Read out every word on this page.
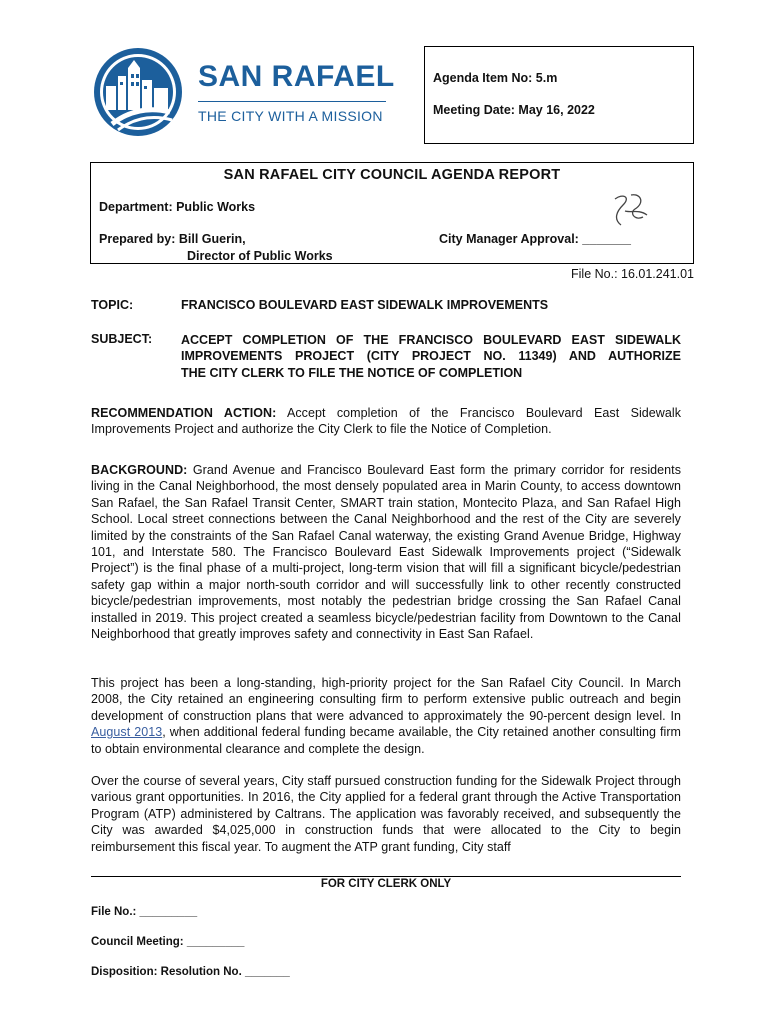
SAN RAFAEL
THE CITY WITH A MISSION
Agenda Item No: 5.m
Meeting Date: May 16, 2022
SAN RAFAEL CITY COUNCIL AGENDA REPORT
Department: Public Works
Prepared by: Bill Guerin,
Director of Public Works
City Manager Approval: _______
File No.: 16.01.241.01
TOPIC:	FRANCISCO BOULEVARD EAST SIDEWALK IMPROVEMENTS
SUBJECT: ACCEPT COMPLETION OF THE FRANCISCO BOULEVARD EAST SIDEWALK
IMPROVEMENTS PROJECT (CITY PROJECT NO. 11349) AND AUTHORIZE
THE CITY CLERK TO FILE THE NOTICE OF COMPLETION
RECOMMENDATION ACTION: Accept completion of the Francisco Boulevard East Sidewalk Improvements Project and authorize the City Clerk to file the Notice of Completion.
BACKGROUND: Grand Avenue and Francisco Boulevard East form the primary corridor for residents living in the Canal Neighborhood, the most densely populated area in Marin County, to access downtown San Rafael, the San Rafael Transit Center, SMART train station, Montecito Plaza, and San Rafael High School. Local street connections between the Canal Neighborhood and the rest of the City are severely limited by the constraints of the San Rafael Canal waterway, the existing Grand Avenue Bridge, Highway 101, and Interstate 580. The Francisco Boulevard East Sidewalk Improvements project (“Sidewalk Project”) is the final phase of a multi-project, long-term vision that will fill a significant bicycle/pedestrian safety gap within a major north-south corridor and will successfully link to other recently constructed bicycle/pedestrian improvements, most notably the pedestrian bridge crossing the San Rafael Canal installed in 2019. This project created a seamless bicycle/pedestrian facility from Downtown to the Canal Neighborhood that greatly improves safety and connectivity in East San Rafael.
This project has been a long-standing, high-priority project for the San Rafael City Council. In March 2008, the City retained an engineering consulting firm to perform extensive public outreach and begin development of construction plans that were advanced to approximately the 90-percent design level. In August 2013, when additional federal funding became available, the City retained another consulting firm to obtain environmental clearance and complete the design.
Over the course of several years, City staff pursued construction funding for the Sidewalk Project through various grant opportunities. In 2016, the City applied for a federal grant through the Active Transportation Program (ATP) administered by Caltrans. The application was favorably received, and subsequently the City was awarded $4,025,000 in construction funds that were allocated to the City to begin reimbursement this fiscal year. To augment the ATP grant funding, City staff
FOR CITY CLERK ONLY
File No.: _________
Council Meeting: _________
Disposition: Resolution No. _______
